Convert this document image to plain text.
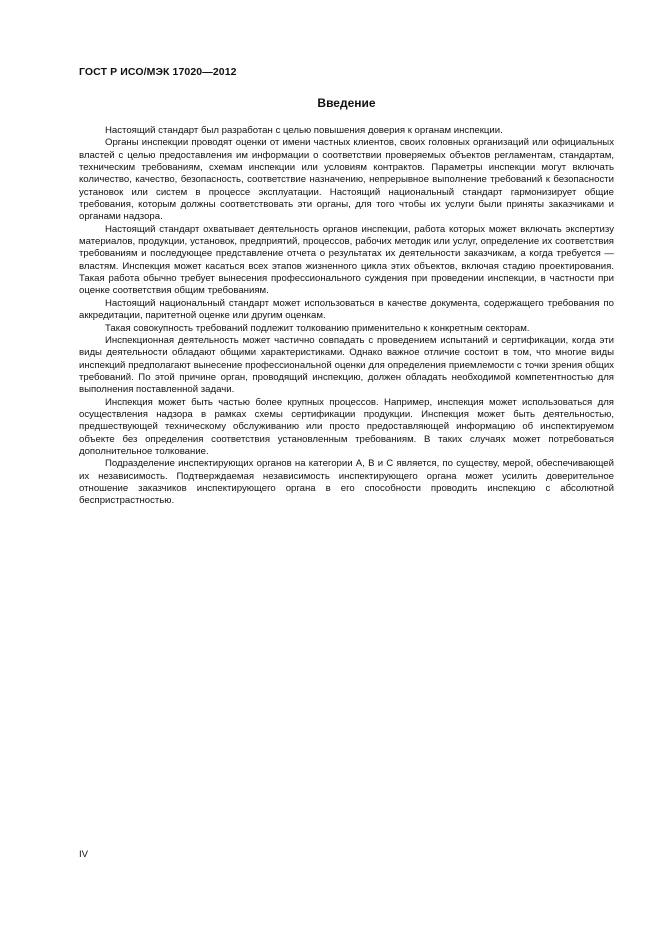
ГОСТ Р ИСО/МЭК 17020—2012
Введение

Настоящий стандарт был разработан с целью повышения доверия к органам инспекции.

Органы инспекции проводят оценки от имени частных клиентов, своих головных организаций или официальных властей с целью предоставления им информации о соответствии проверяемых объектов регламентам, стандартам, техническим требованиям, схемам инспекции или условиям контрактов. Параметры инспекции могут включать количество, качество, безопасность, соответствие назначению, непрерывное выполнение требований к безопасности установок или систем в процессе эксплуатации. Настоящий национальный стандарт гармонизирует общие требования, которым должны соответствовать эти органы, для того чтобы их услуги были приняты заказчиками и органами надзора.

Настоящий стандарт охватывает деятельность органов инспекции, работа которых может включать экспертизу материалов, продукции, установок, предприятий, процессов, рабочих методик или услуг, определение их соответствия требованиям и последующее представление отчета о результатах их деятельности заказчикам, а когда требуется — властям. Инспекция может касаться всех этапов жизненного цикла этих объектов, включая стадию проектирования. Такая работа обычно требует вынесения профессионального суждения при проведении инспекции, в частности при оценке соответствия общим требованиям.

Настоящий национальный стандарт может использоваться в качестве документа, содержащего требования по аккредитации, паритетной оценке или другим оценкам.

Такая совокупность требований подлежит толкованию применительно к конкретным секторам.

Инспекционная деятельность может частично совпадать с проведением испытаний и сертификации, когда эти виды деятельности обладают общими характеристиками. Однако важное отличие состоит в том, что многие виды инспекций предполагают вынесение профессиональной оценки для определения приемлемости с точки зрения общих требований. По этой причине орган, проводящий инспекцию, должен обладать необходимой компетентностью для выполнения поставленной задачи.

Инспекция может быть частью более крупных процессов. Например, инспекция может использоваться для осуществления надзора в рамках схемы сертификации продукции. Инспекция может быть деятельностью, предшествующей техническому обслуживанию или просто предоставляющей информацию об инспектируемом объекте без определения соответствия установленным требованиям. В таких случаях может потребоваться дополнительное толкование.

Подразделение инспектирующих органов на категории А, В и С является, по существу, мерой, обеспечивающей их независимость. Подтверждаемая независимость инспектирующего органа может усилить доверительное отношение заказчиков инспектирующего органа в его способности проводить инспекцию с абсолютной беспристрастностью.

IV
